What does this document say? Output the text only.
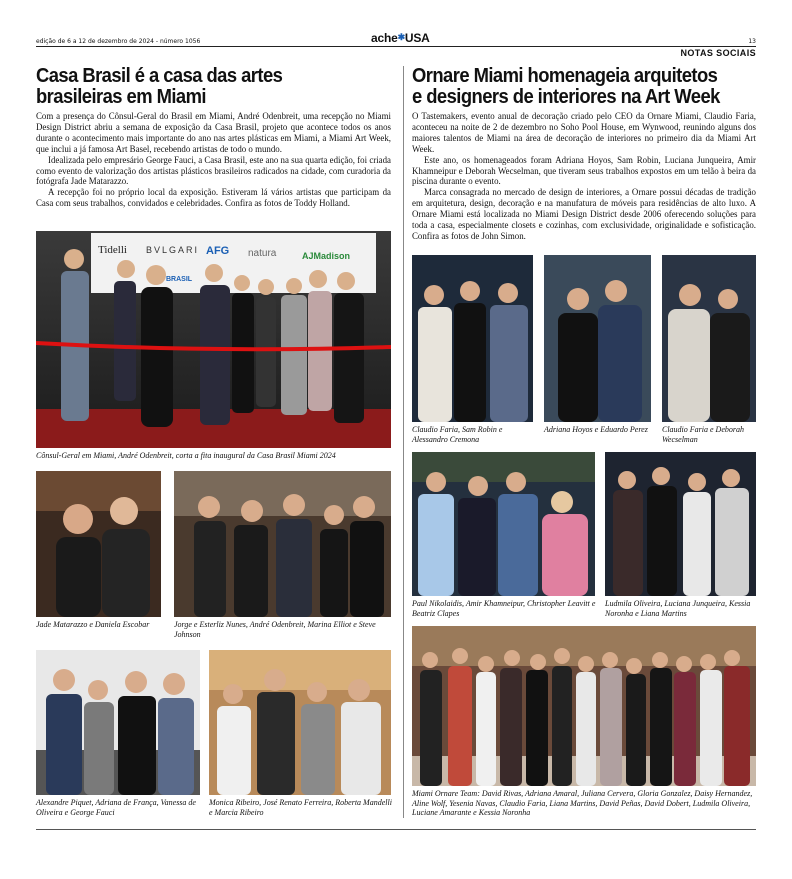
edição de 6 a 12 de dezembro de 2024 - número 1056	ache✱USA	13
NOTAS SOCIAIS
Casa Brasil é a casa das artes
brasileiras em Miami

Com a presença do Cônsul-Geral do Brasil em Miami, André Odenbreit, uma recepção no Miami Design District abriu a semana de exposição da Casa Brasil, projeto que acontece todos os anos durante o acontecimento mais importante do ano nas artes plásticas em Miami, a Miami Art Week, que inclui a já famosa Art Basel, recebendo artistas de todo o mundo.

Idealizada pelo empresário George Fauci, a Casa Brasil, este ano na sua quarta edição, foi criada como evento de valorização dos artistas plásticos brasileiros radicados na cidade, com curadoria da fotógrafa Jade Matarazzo.

A recepção foi no próprio local da exposição. Estiveram lá vários artistas que participam da Casa com seus trabalhos, convidados e celebridades. Confira as fotos de Toddy Holland.

Tidelli BVLGARI AFG natura	AJMadison
BRASIL
Cônsul-Geral em Miami, André Odenbreit, corta a fita inaugural da Casa Brasil Miami 2024
Jade Matarazzo e Daniela Escobar	Jorge e Esterliz Nunes, André Odenbreit, Marina Elliot e Steve Johnson
Alexandre Piquet, Adriana de França, Vanessa de Oliveira e George Fauci
Monica Ribeiro, José Renato Ferreira, Roberta Mandelli e Marcia Ribeiro
Ornare Miami homenageia arquitetos
e designers de interiores na Art Week

O Tastemakers, evento anual de decoração criado pelo CEO da Ornare Miami, Claudio Faria, aconteceu na noite de 2 de dezembro no Soho Pool House, em Wynwood, reunindo alguns dos maiores talentos de Miami na área de decoração de interiores no primeiro dia da Miami Art Week.

Este ano, os homenageados foram Adriana Hoyos, Sam Robin, Luciana Junqueira, Amir Khamneipur e Deborah Wecselman, que tiveram seus trabalhos expostos em um telão à beira da piscina durante o evento.

Marca consagrada no mercado de design de interiores, a Ornare possui décadas de tradição em arquitetura, design, decoração e na manufatura de móveis para residências de alto luxo. A Ornare Miami está localizada no Miami Design District desde 2006 oferecendo soluções para toda a casa, especialmente closets e cozinhas, com exclusividade, originalidade e sofisticação. Confira as fotos de John Simon.

Claudio Faria, Sam Robin e Alessandro Cremona
Adriana Hoyos e Eduardo Perez	Claudio Faria e Deborah Wecselman
Paul Nikolaidis, Amir Khamneipur, Christopher Leavitt e Beatriz Clapes
Ludmila Oliveira, Luciana Junqueira, Kessia Noronha e Liana Martins
Miami Ornare Team: David Rivas, Adriana Amaral, Juliana Cervera, Gloria Gonzalez, Daisy Hernandez, Aline Wolf, Yesenia Navas, Claudio Faria, Liana Martins, David Peñas, David Dobert, Ludmila Oliveira, Luciane Amarante e Kessia Noronha
